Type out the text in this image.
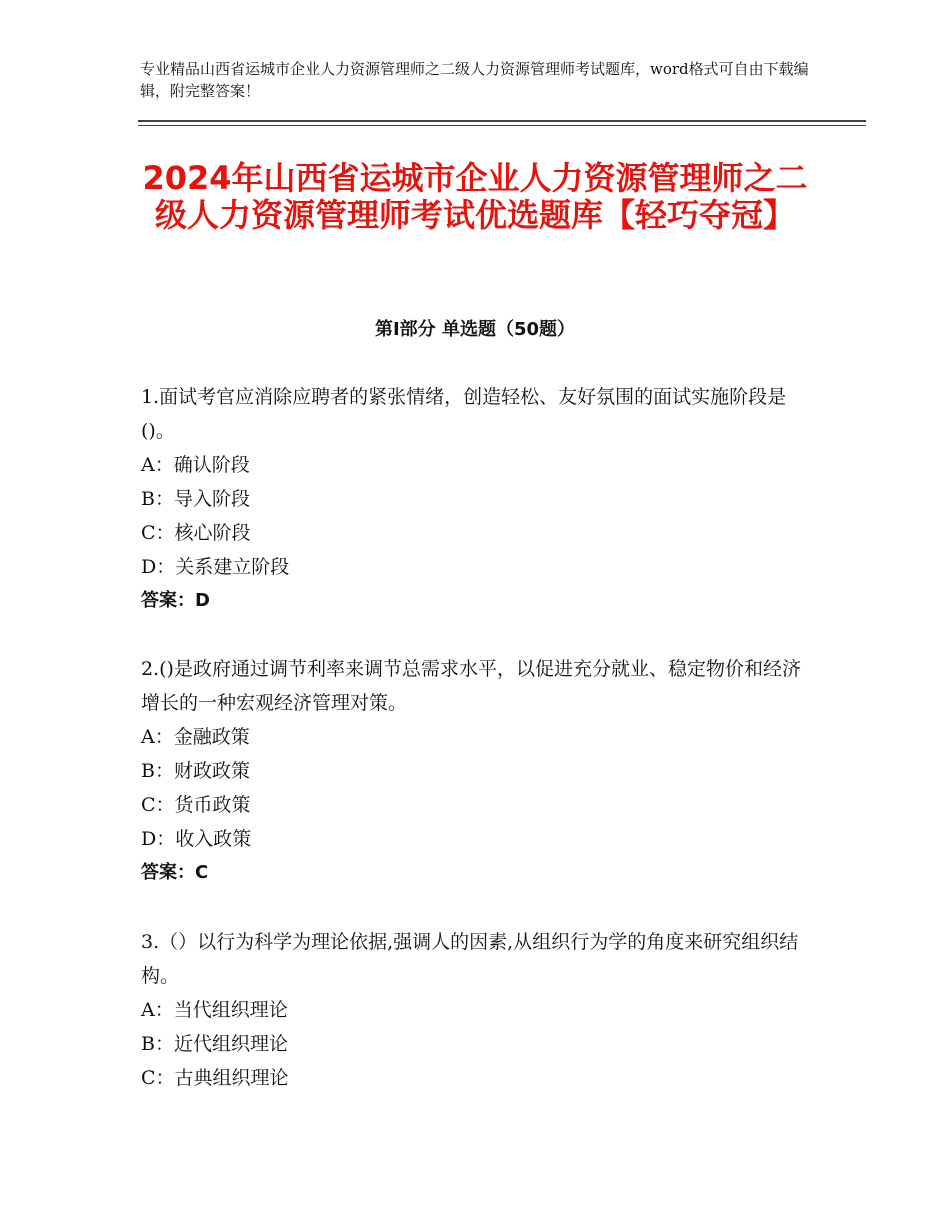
专业精品山西省运城市企业人力资源管理师之二级人力资源管理师考试题库，word格式可自由下载编辑，附完整答案！
2024年山西省运城市企业人力资源管理师之二级人力资源管理师考试优选题库【轻巧夺冠】
第Ⅰ部分 单选题（50题）

1.面试考官应消除应聘者的紧张情绪，创造轻松、友好氛围的面试实施阶段是()。

A：确认阶段

B：导入阶段

C：核心阶段

D：关系建立阶段

答案：D

2.()是政府通过调节利率来调节总需求水平，以促进充分就业、稳定物价和经济增长的一种宏观经济管理对策。

A：金融政策

B：财政政策

C：货币政策

D：收入政策

答案：C

3.（）以行为科学为理论依据,强调人的因素,从组织行为学的角度来研究组织结构。

A：当代组织理论

B：近代组织理论

C：古典组织理论
